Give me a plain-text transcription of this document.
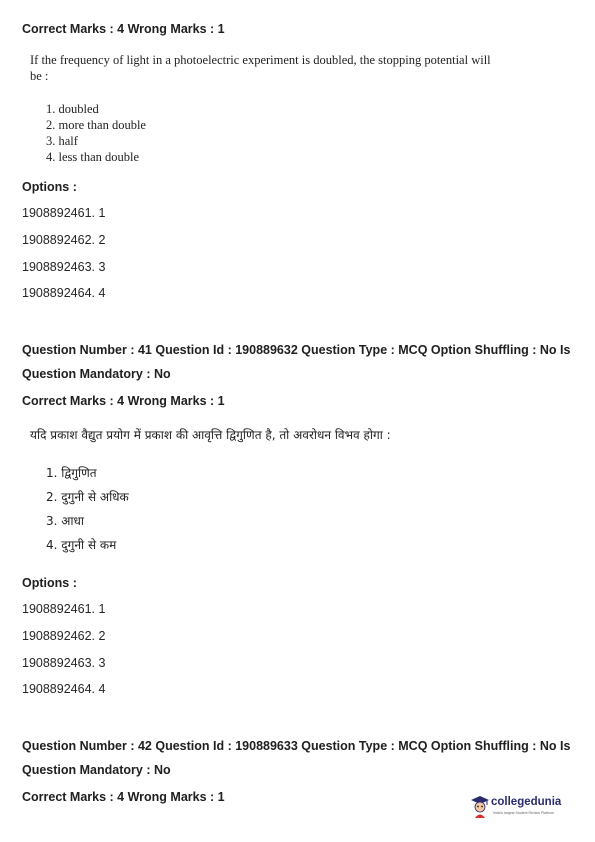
Correct Marks : 4 Wrong Marks : 1
If the frequency of light in a photoelectric experiment is doubled, the stopping potential will
be :
1. doubled
2. more than double
3. half
4. less than double
Options :
1908892461. 1
1908892462. 2
1908892463. 3
1908892464. 4
Question Number : 41 Question Id : 190889632 Question Type : MCQ Option Shuffling : No Is
Question Mandatory : No
Correct Marks : 4 Wrong Marks : 1
यदि प्रकाश वैद्युत प्रयोग में प्रकाश की आवृत्ति द्विगुणित है, तो अवरोधन विभव होगा :
1. द्विगुणित
2. दुगुनी से अधिक
3. आधा
4. दुगुनी से कम
Options :
1908892461. 1
1908892462. 2
1908892463. 3
1908892464. 4
Question Number : 42 Question Id : 190889633 Question Type : MCQ Option Shuffling : No Is
Question Mandatory : No
Correct Marks : 4 Wrong Marks : 1	collegedunia
India's largest Student Review Platform
